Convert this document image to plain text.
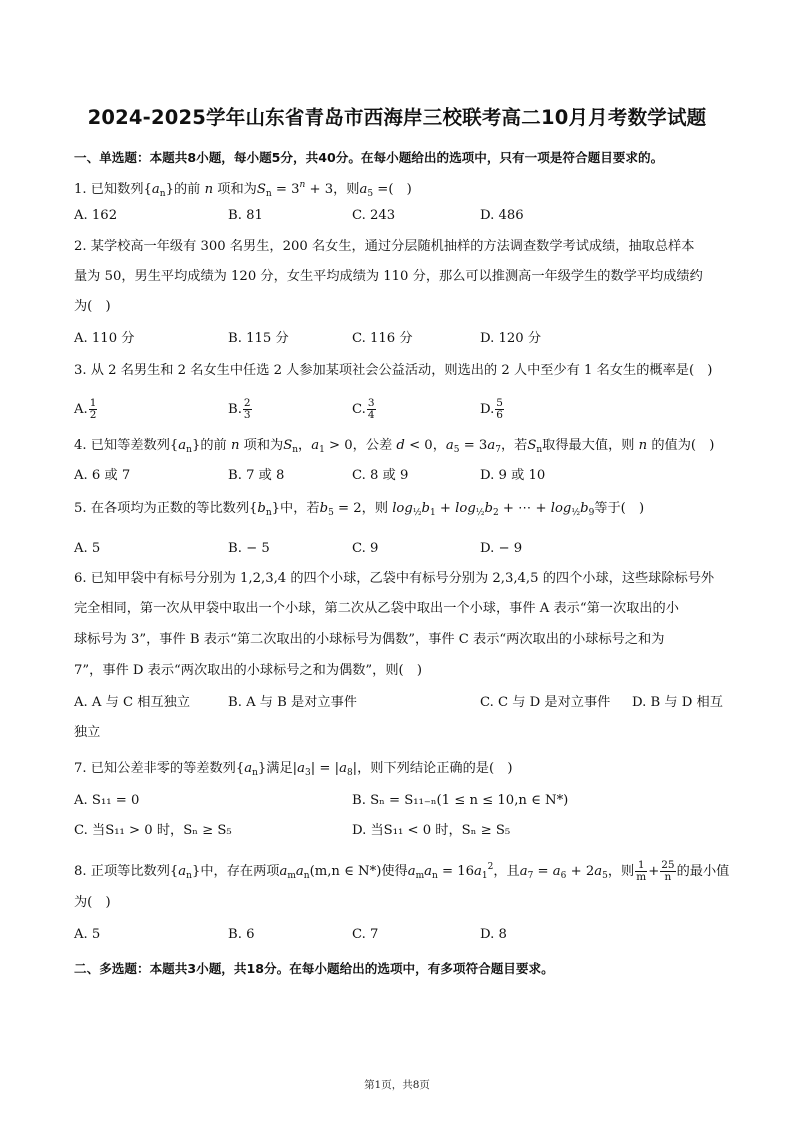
2024-2025学年山东省青岛市西海岸三校联考高二10月月考数学试题
一、单选题：本题共8小题，每小题5分，共40分。在每小题给出的选项中，只有一项是符合题目要求的。
1. 已知数列$\{a_n\}$的前 n 项和为$S_n = 3^n + 3$，则$a_5$ =(　)
A. 162	B. 81	C. 243	D. 486
2. 某学校高一年级有 300 名男生，200 名女生，通过分层随机抽样的方法调查数学考试成绩，抽取总样本
量为 50，男生平均成绩为 120 分，女生平均成绩为 110 分，那么可以推测高一年级学生的数学平均成绩约
为(　)
A. 110 分	B. 115 分	C. 116 分	D. 120 分
3. 从 2 名男生和 2 名女生中任选 2 人参加某项社会公益活动，则选出的 2 人中至少有 1 名女生的概率是(　)
A. $\frac{1}{2}$	B. $\frac{2}{3}$	C. $\frac{3}{4}$	D. $\frac{5}{6}$
4. 已知等差数列$\{a_n\}$的前 n 项和为$S_n$，$a_1 > 0$，公差 d < 0，$a_5 = 3a_7$，若$S_n$取得最大值，则 n 的值为(　)
A. 6 或 7	B. 7 或 8	C. 8 或 9	D. 9 或 10
5. 在各项均为正数的等比数列$\{b_n\}$中，若$b_5 = 2$，则 $\log_{\frac{1}{2}}b_1 + \log_{\frac{1}{2}}b_2$ + ⋯ + $\log_{\frac{1}{2}}b_9$等于(　)
A. 5	B. − 5	C. 9	D. − 9
6. 已知甲袋中有标号分别为 1,2,3,4 的四个小球，乙袋中有标号分别为 2,3,4,5 的四个小球，这些球除标号外
完全相同，第一次从甲袋中取出一个小球，第二次从乙袋中取出一个小球，事件 A 表示“第一次取出的小
球标号为 3”，事件 B 表示“第二次取出的小球标号为偶数”，事件 C 表示“两次取出的小球标号之和为
7”，事件 D 表示“两次取出的小球标号之和为偶数”，则(　)
A. A 与 C 相互独立	B. A 与 B 是对立事件	C. C 与 D 是对立事件 D. B 与 D 相互
独立
7. 已知公差非零的等差数列$\{a_n\}$满足$|a_3| = |a_8|$，则下列结论正确的是(　)
A. S₁₁ = 0	B. Sₙ = S₁₁₋ₙ(1 ≤ n ≤ 10,n ∈ N*)
C. 当S₁₁ > 0 时，Sₙ ≥ S₅	D. 当S₁₁ < 0 时，Sₙ ≥ S₅
8. 正项等比数列$\{a_n\}$中，存在两项$a_ma_n(m,n$ ∈ N*)使得$a_ma_n = 16a_1^2$，且$a_7 = a_6 + 2a_5$，则 $\frac{1}{m} + \frac{25}{n}$ 的最小值
为(　)
A. 5	B. 6	C. 7	D. 8
二、多选题：本题共3小题，共18分。在每小题给出的选项中，有多项符合题目要求。
第1页，共8页
